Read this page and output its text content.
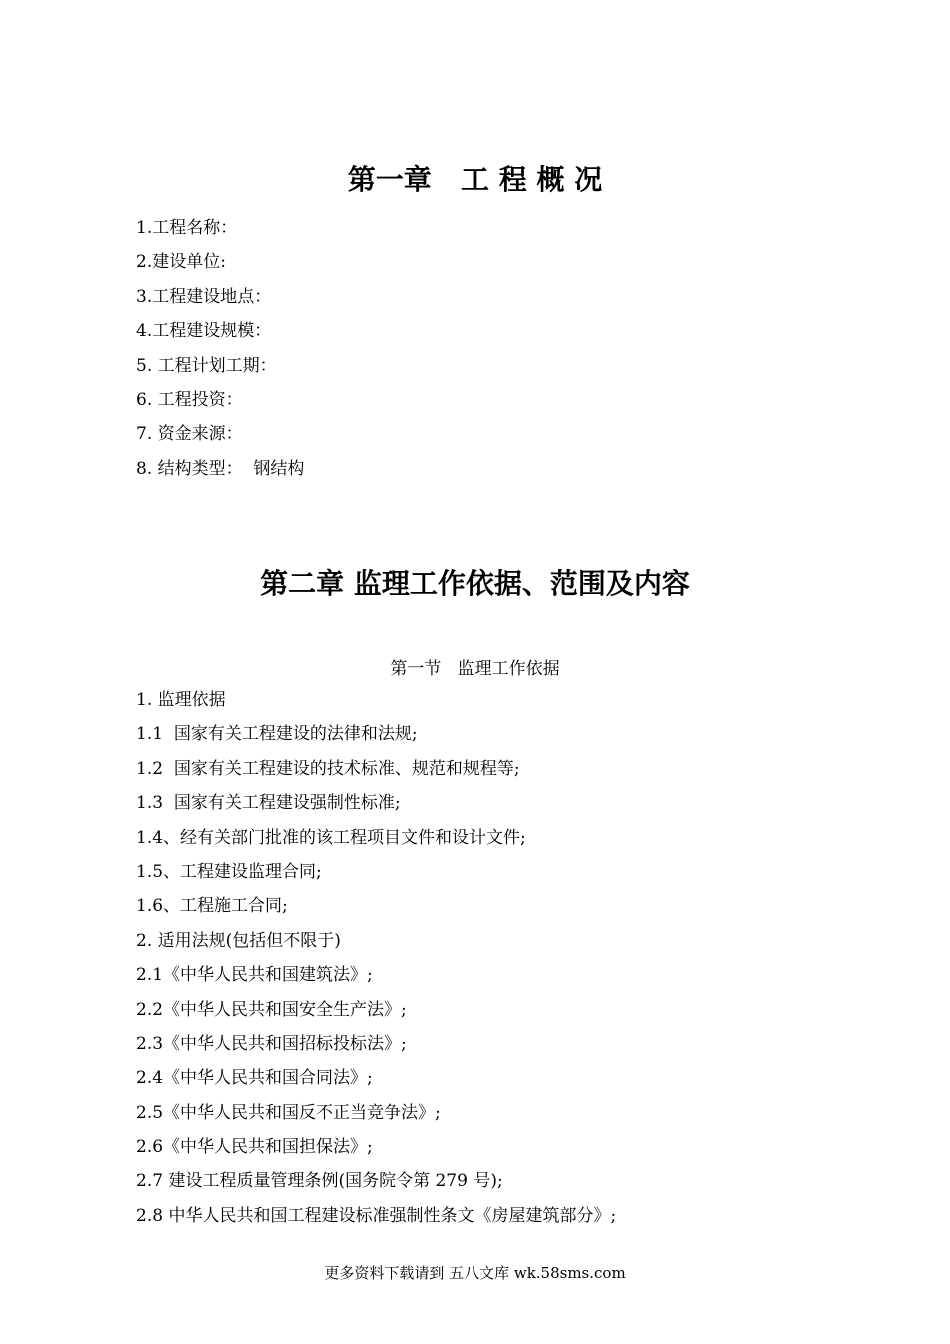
第一章   工 程 概 况
1.工程名称：
2.建设单位:
3.工程建设地点：
4.工程建设规模：
5. 工程计划工期：
6. 工程投资：
7. 资金来源：
8. 结构类型：  钢结构
第二章 监理工作依据、范围及内容
第一节   监理工作依据
1. 监理依据
1.1  国家有关工程建设的法律和法规;
1.2  国家有关工程建设的技术标准、规范和规程等;
1.3  国家有关工程建设强制性标准;
1.4、经有关部门批准的该工程项目文件和设计文件;
1.5、工程建设监理合同;
1.6、工程施工合同;
2. 适用法规(包括但不限于)
2.1《中华人民共和国建筑法》;
2.2《中华人民共和国安全生产法》;
2.3《中华人民共和国招标投标法》;
2.4《中华人民共和国合同法》;
2.5《中华人民共和国反不正当竞争法》;
2.6《中华人民共和国担保法》;
2.7 建设工程质量管理条例(国务院令第 279 号);
2.8 中华人民共和国工程建设标准强制性条文《房屋建筑部分》;
更多资料下载请到 五八文库 wk.58sms.com
